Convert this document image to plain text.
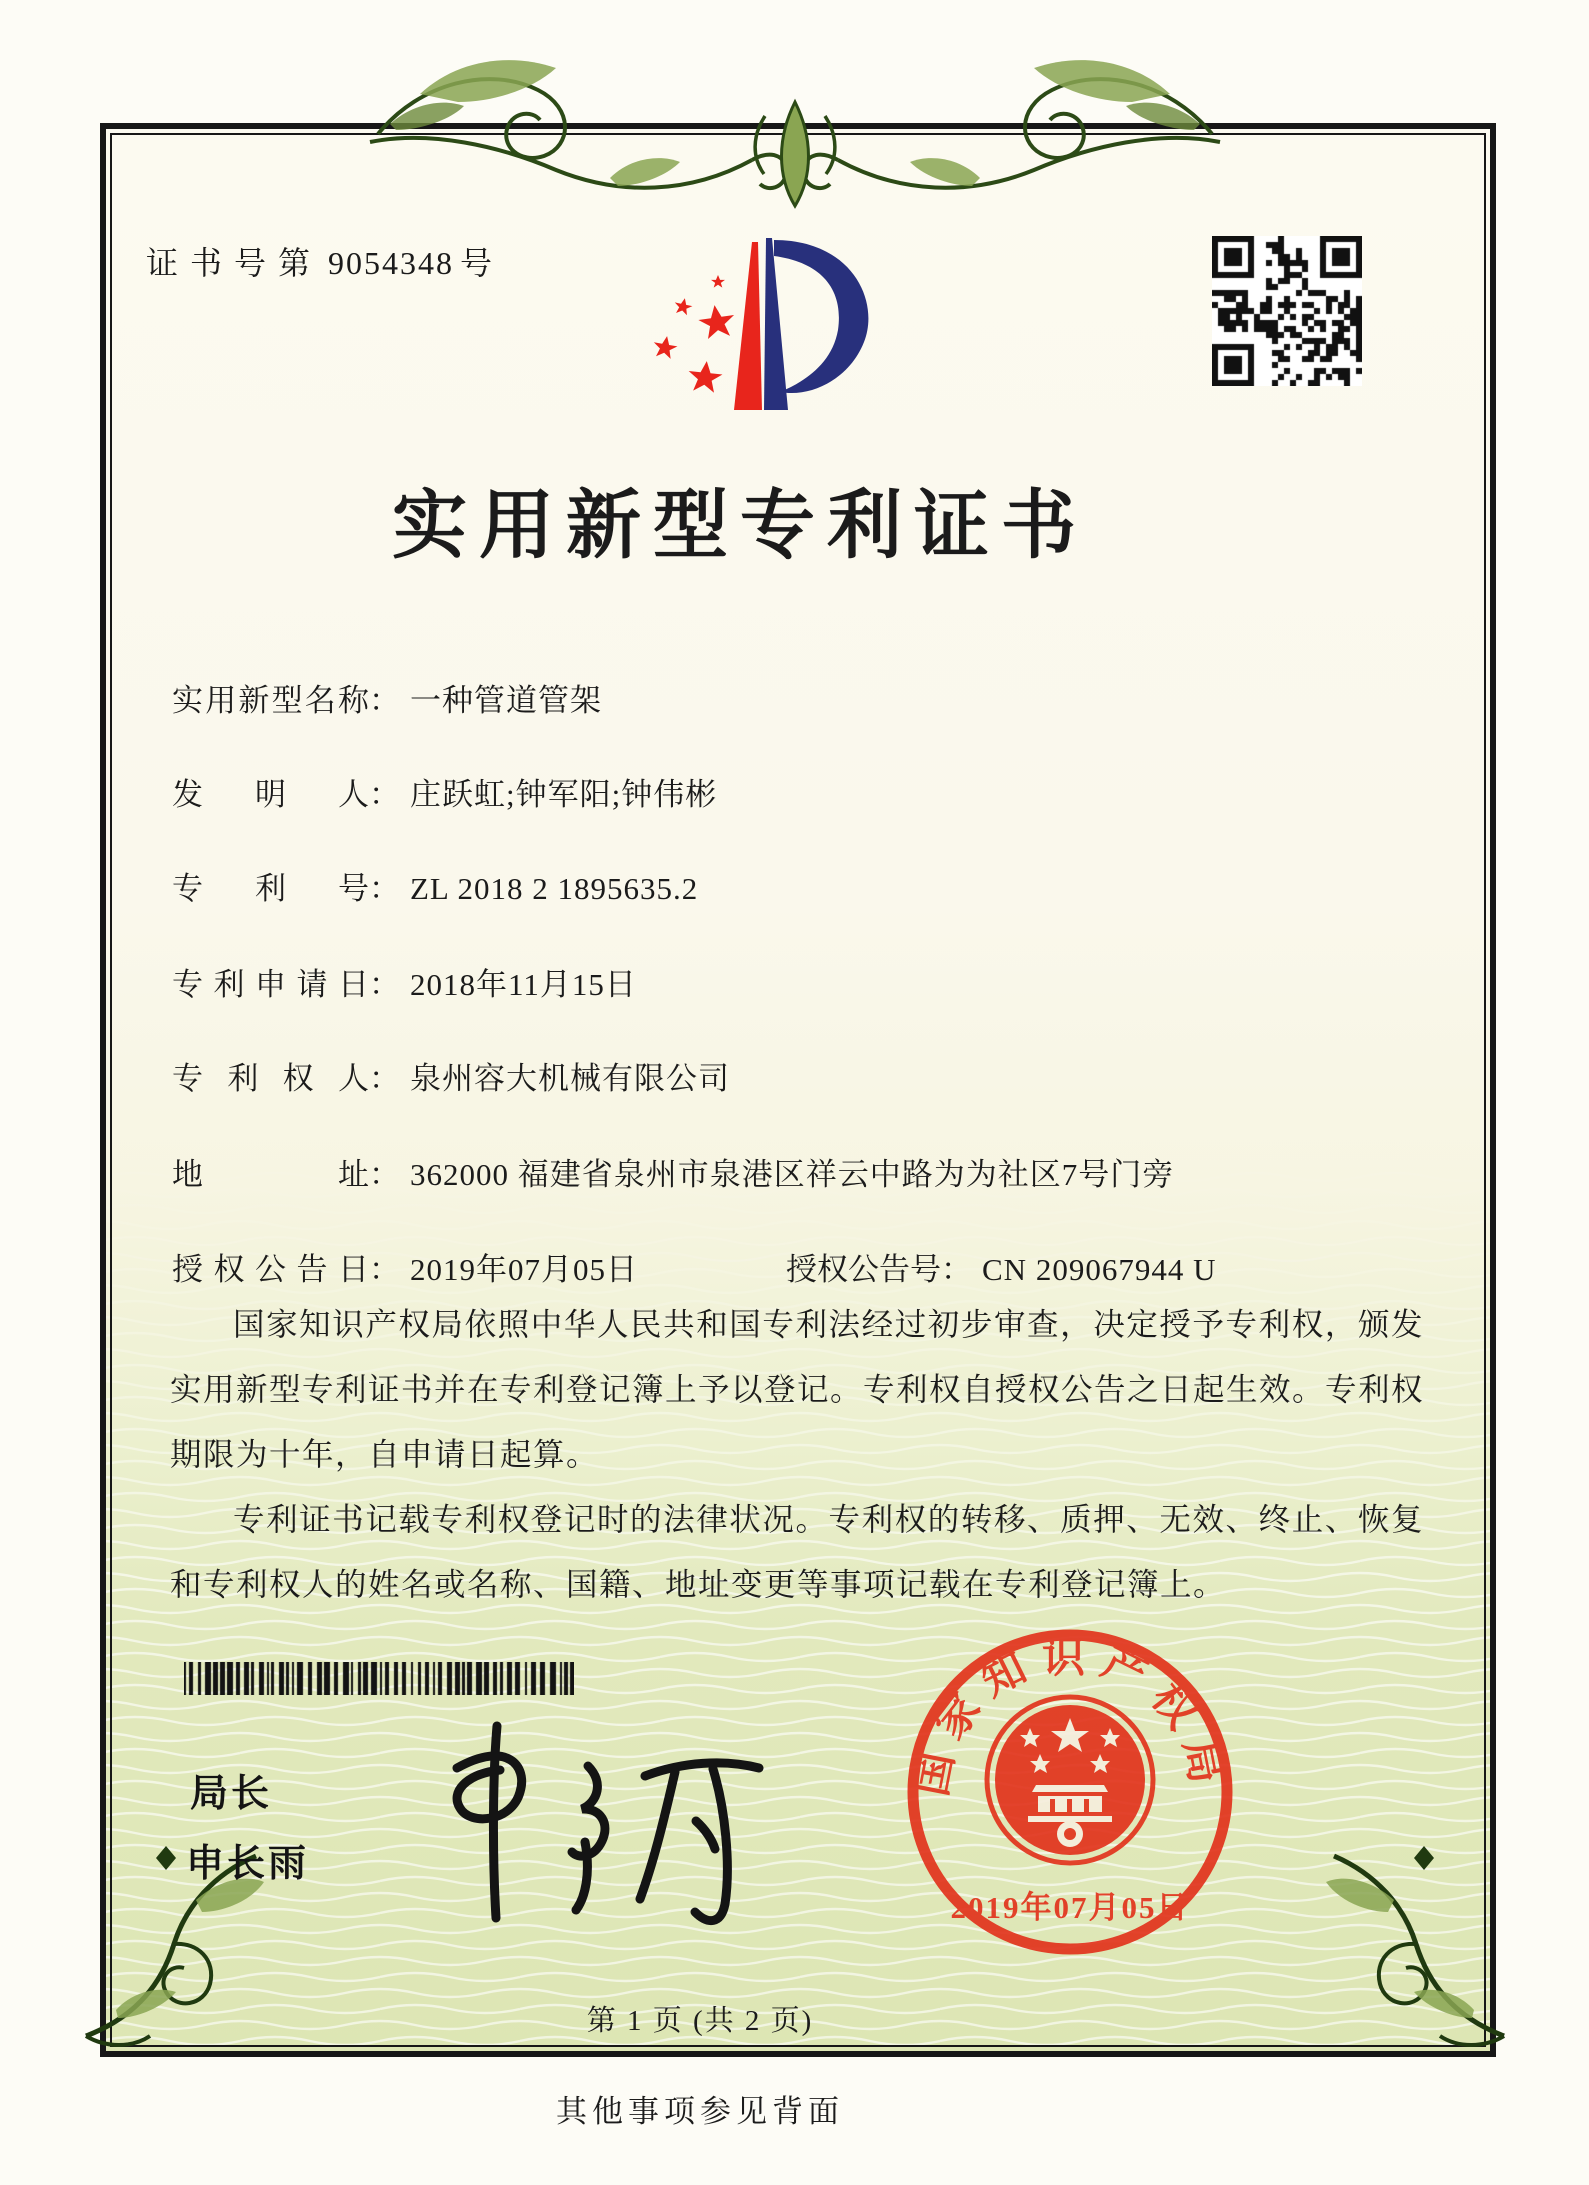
证书号第 9054348 号
实用新型专利证书
实用新型名称： 一种管道管架
发明人： 庄跃虹;钟军阳;钟伟彬
专利号： ZL 2018 2 1895635.2
专利申请日： 2018年11月15日
专利权人： 泉州容大机械有限公司
地址： 362000 福建省泉州市泉港区祥云中路为为社区7号门旁
授权公告日： 2019年07月05日	授权公告号： CN 209067944 U

国家知识产权局依照中华人民共和国专利法经过初步审查，决定授予专利权，颁发实用新型专利证书并在专利登记簿上予以登记。专利权自授权公告之日起生效。专利权期限为十年，自申请日起算。

专利证书记载专利权登记时的法律状况。专利权的转移、质押、无效、终止、恢复和专利权人的姓名或名称、国籍、地址变更等事项记载在专利登记簿上。

局长
申长雨
国家知识产权局
2019年07月05日
第 1 页 (共 2 页)
其他事项参见背面
